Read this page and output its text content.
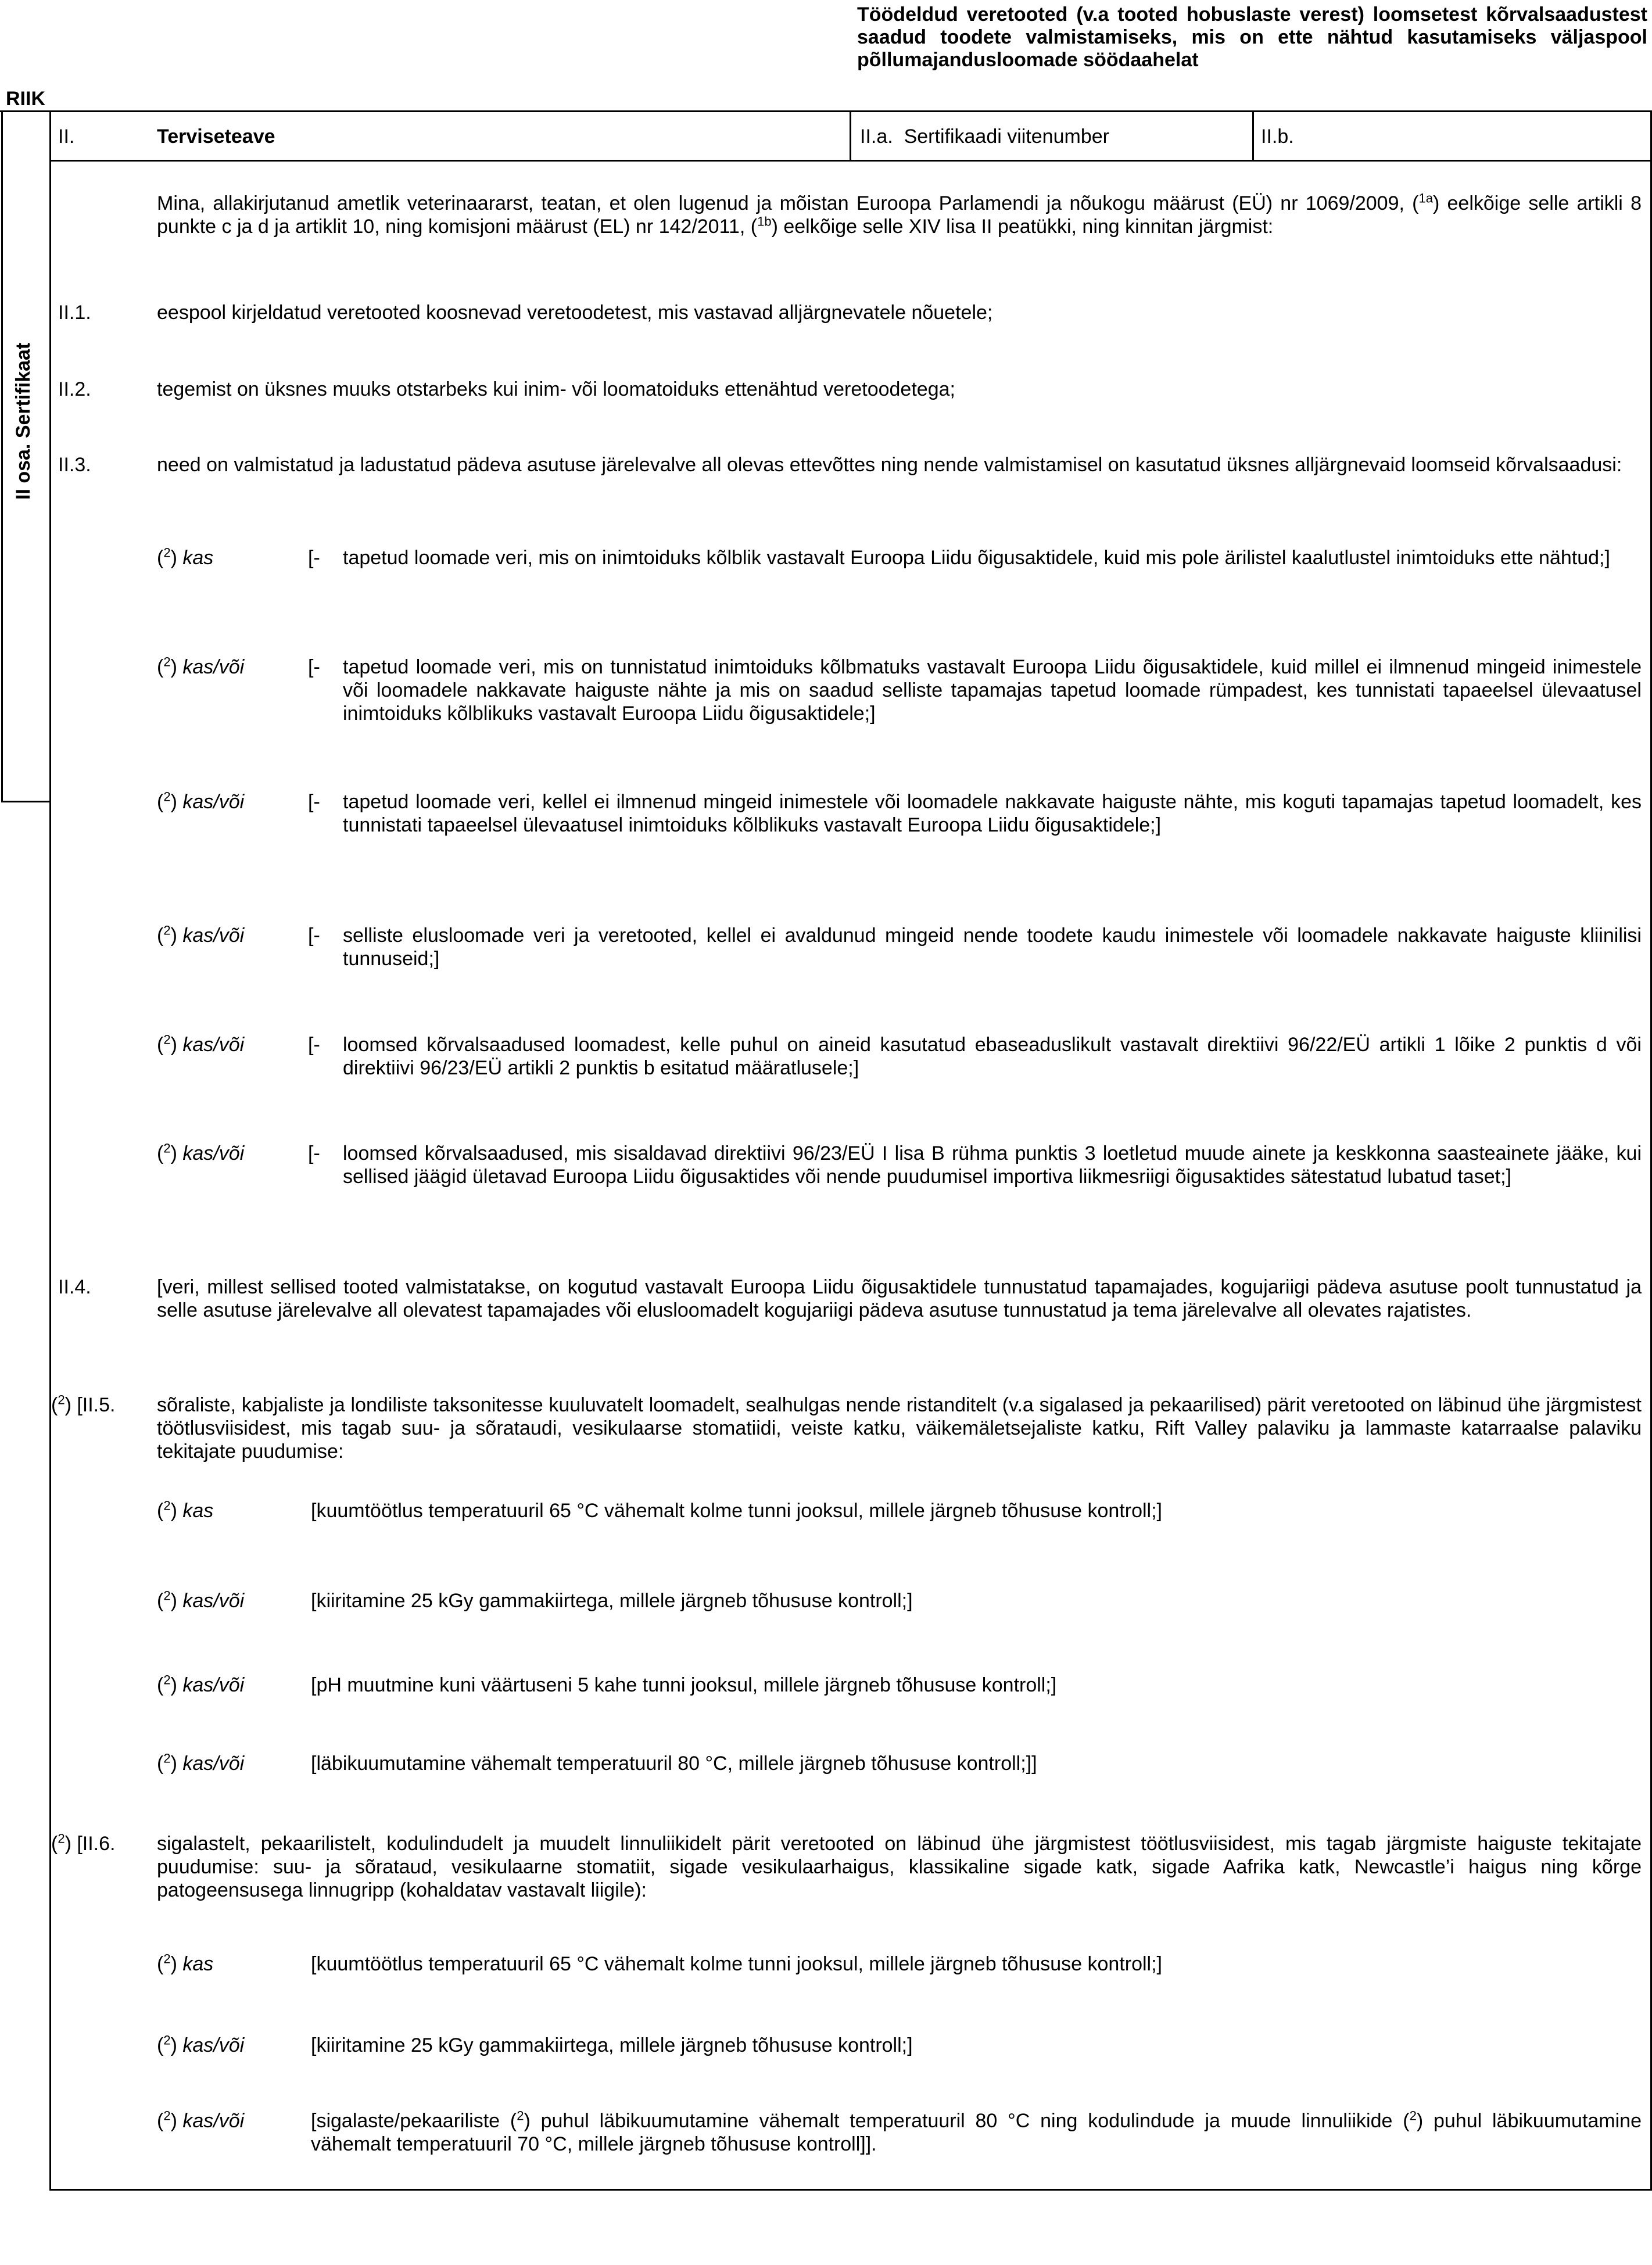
RIIK
Töödeldud veretooted (v.a tooted hobuslaste verest) loomsetest kõrvalsaadustest saadud toodete valmistamiseks, mis on ette nähtud kasutamiseks väljaspool põllumajandusloomade söödaahelat
II osa. Sertifikaat
II.	Terviseteave	II.a.  Sertifikaadi viitenumber	II.b.
Mina, allakirjutanud ametlik veterinaararst, teatan, et olen lugenud ja mõistan Euroopa Parlamendi ja nõukogu määrust (EÜ) nr 1069/2009, ($^{1a}$) eelkõige selle artikli 8 punkte c ja d ja artiklit 10, ning komisjoni määrust (EL) nr 142/2011, ($^{1b}$) eelkõige selle XIV lisa II peatükki, ning kinnitan järgmist:
II.1.	eespool kirjeldatud veretooted koosnevad veretoodetest, mis vastavad alljärgnevatele nõuetele;
II.2.	tegemist on üksnes muuks otstarbeks kui inim- või loomatoiduks ettenähtud veretoodetega;
II.3.	need on valmistatud ja ladustatud pädeva asutuse järelevalve all olevas ettevõttes ning nende valmistamisel on kasutatud üksnes alljärgnevaid loomseid kõrvalsaadusi:
($^2$) kas	[- tapetud loomade veri, mis on inimtoiduks kõlblik vastavalt Euroopa Liidu õigusaktidele, kuid mis pole ärilistel kaalutlustel inimtoiduks ette nähtud;]
($^2$) kas/või	[- tapetud loomade veri, mis on tunnistatud inimtoiduks kõlbmatuks vastavalt Euroopa Liidu õigusaktidele, kuid millel ei ilmnenud mingeid inimestele või loomadele nakkavate haiguste nähte ja mis on saadud selliste tapamajas tapetud loomade rümpadest, kes tunnistati tapaeelsel ülevaatusel inimtoiduks kõlblikuks vastavalt Euroopa Liidu õigusaktidele;]
($^2$) kas/või	[- tapetud loomade veri, kellel ei ilmnenud mingeid inimestele või loomadele nakkavate haiguste nähte, mis koguti tapamajas tapetud loomadelt, kes tunnistati tapaeelsel ülevaatusel inimtoiduks kõlblikuks vastavalt Euroopa Liidu õigusaktidele;]
($^2$) kas/või	[- selliste elusloomade veri ja veretooted, kellel ei avaldunud mingeid nende toodete kaudu inimestele või loomadele nakkavate haiguste kliinilisi tunnuseid;]
($^2$) kas/või	[- loomsed kõrvalsaadused loomadest, kelle puhul on aineid kasutatud ebaseaduslikult vastavalt direktiivi 96/22/EÜ artikli 1 lõike 2 punktis d või direktiivi 96/23/EÜ artikli 2 punktis b esitatud määratlusele;]
($^2$) kas/või	[- loomsed kõrvalsaadused, mis sisaldavad direktiivi 96/23/EÜ I lisa B rühma punktis 3 loetletud muude ainete ja keskkonna saasteainete jääke, kui sellised jäägid ületavad Euroopa Liidu õigusaktides või nende puudumisel importiva liikmesriigi õigusaktides sätestatud lubatud taset;]
II.4.	[veri, millest sellised tooted valmistatakse, on kogutud vastavalt Euroopa Liidu õigusaktidele tunnustatud tapamajades, kogujariigi pädeva asutuse poolt tunnustatud ja selle asutuse järelevalve all olevatest tapamajades või elusloomadelt kogujariigi pädeva asutuse tunnustatud ja tema järelevalve all olevates rajatistes.
($^2$) [II.5. sõraliste, kabjaliste ja londiliste taksonitesse kuuluvatelt loomadelt, sealhulgas nende ristanditelt (v.a sigalased ja pekaarilised) pärit veretooted on läbinud ühe järgmistest töötlusviisidest, mis tagab suu- ja sõrataudi, vesikulaarse stomatiidi, veiste katku, väikemäletsejaliste katku, Rift Valley palaviku ja lammaste katarraalse palaviku tekitajate puudumise:
($^2$) kas	[kuumtöötlus temperatuuril 65 °C vähemalt kolme tunni jooksul, millele järgneb tõhususe kontroll;]
($^2$) kas/või	[kiiritamine 25 kGy gammakiirtega, millele järgneb tõhususe kontroll;]
($^2$) kas/või	[pH muutmine kuni väärtuseni 5 kahe tunni jooksul, millele järgneb tõhususe kontroll;]
($^2$) kas/või	[läbikuumutamine vähemalt temperatuuril 80 °C, millele järgneb tõhususe kontroll;]]
($^2$) [II.6. sigalastelt, pekaarilistelt, kodulindudelt ja muudelt linnuliikidelt pärit veretooted on läbinud ühe järgmistest töötlusviisidest, mis tagab järgmiste haiguste tekitajate puudumise: suu- ja sõrataud, vesikulaarne stomatiit, sigade vesikulaarhaigus, klassikaline sigade katk, sigade Aafrika katk, Newcastle’i haigus ning kõrge patogeensusega linnugripp (kohaldatav vastavalt liigile):
($^2$) kas	[kuumtöötlus temperatuuril 65 °C vähemalt kolme tunni jooksul, millele järgneb tõhususe kontroll;]
($^2$) kas/või	[kiiritamine 25 kGy gammakiirtega, millele järgneb tõhususe kontroll;]
($^2$) kas/või	[sigalaste/pekaariliste ($^2$) puhul läbikuumutamine vähemalt temperatuuril 80 °C ning kodulindude ja muude linnuliikide ($^2$) puhul läbikuumutamine vähemalt temperatuuril 70 °C, millele järgneb tõhususe kontroll]].
